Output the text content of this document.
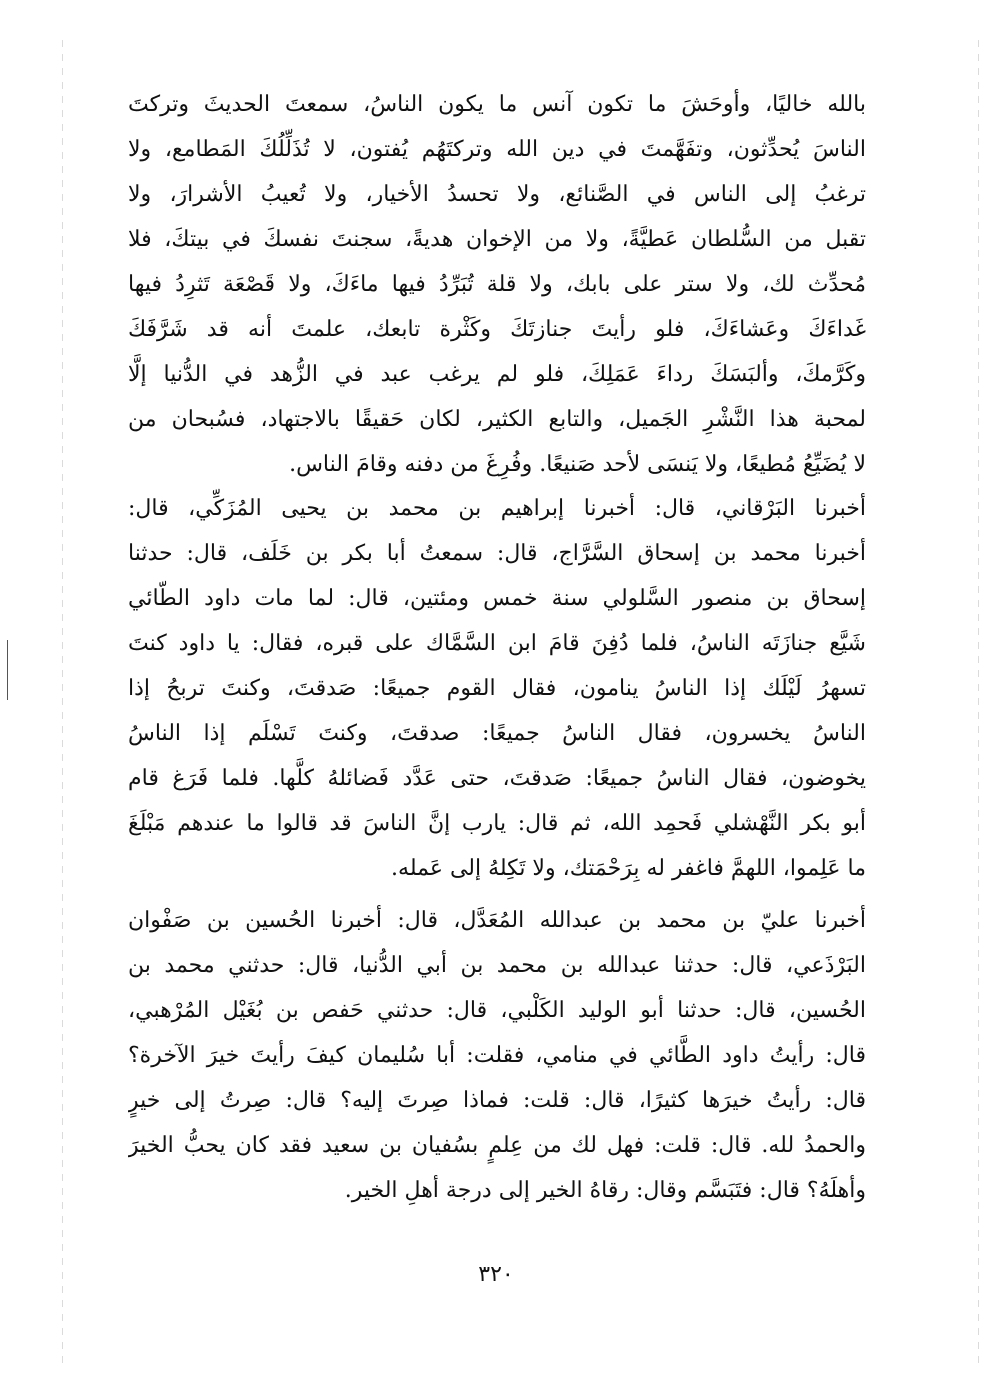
بالله خاليًا، وأوحَشَ ما تكون آنس ما يكون الناسُ، سمعتَ الحديثَ وتركتَ
الناسَ يُحدِّثون، وتفَهَّمتَ في دين الله وتركتَهُم يُفتون، لا تُذَلِّلُكَ المَطامع، ولا
ترغبُ إلى الناس في الصَّنائع، ولا تحسدُ الأخيار، ولا تُعيبُ الأشرارَ، ولا
تقبل من السُّلطان عَطيَّةً، ولا من الإخوان هديةً، سجنتَ نفسكَ في بيتكَ، فلا
مُحدِّث لك، ولا ستر على بابك، ولا قلة تُبَرِّدُ فيها ماءَكَ، ولا قَصْعَة تَثرِدُ فيها
غَداءَكَ وعَشاءَكَ، فلو رأيتَ جنازتَكَ وكَثْرة تابعك، علمتَ أنه قد شَرَّفَكَ
وكَرَّمكَ، وألبَسَكَ رداءَ عَمَلِكَ، فلو لم يرغب عبد في الزُّهد في الدُّنيا إلَّا
لمحبة هذا النَّشْرِ الجَميل، والتابع الكثير، لكان حَقيقًا بالاجتهاد، فسُبحان من
لا يُضَيِّعُ مُطيعًا، ولا يَنسَى لأحد صَنيعًا. وفُرِغَ من دفنه وقامَ الناس.
أخبرنا البَرْقاني، قال: أخبرنا إبراهيم بن محمد بن يحيى المُزَكِّي، قال:
أخبرنا محمد بن إسحاق السَّرَّاج، قال: سمعتُ أبا بكر بن خَلَف، قال: حدثنا
إسحاق بن منصور السَّلولي سنة خمس ومئتين، قال: لما مات داود الطّائي
شَيَّع جنازَتَه الناسُ، فلما دُفِنَ قامَ ابن السَّمَّاك على قبره، فقال: يا داود كنتَ
تسهرُ لَيْلَك إذا الناسُ ينامون، فقال القوم جميعًا: صَدقتَ، وكنتَ تربحُ إذا
الناسُ يخسرون، فقال الناسُ جميعًا: صدقتَ، وكنتَ تَسْلَم إذا الناسُ
يخوضون، فقال الناسُ جميعًا: صَدقتَ، حتى عَدَّد فَضائلهُ كلَّها. فلما فَرَغ قام
أبو بكر النَّهْشلي فَحمِد الله، ثم قال: يارب إنَّ الناسَ قد قالوا ما عندهم مَبْلَغَ
ما عَلِموا، اللهمَّ فاغفر له بِرَحْمَتك، ولا تَكِلهُ إلى عَمله.
أخبرنا عليّ بن محمد بن عبدالله المُعَدَّل، قال: أخبرنا الحُسين بن صَفْوان
البَرْذَعي، قال: حدثنا عبدالله بن محمد بن أبي الدُّنيا، قال: حدثني محمد بن
الحُسين، قال: حدثنا أبو الوليد الكَلْبي، قال: حدثني حَفص بن بُغَيْل المُرْهبي،
قال: رأيتُ داود الطَّائي في منامي، فقلت: أبا سُليمان كيفَ رأيتَ خيرَ الآخرة؟
قال: رأيتُ خيرَها كثيرًا، قال: قلت: فماذا صِرتَ إليه؟ قال: صِرتُ إلى خيرٍ
والحمدُ لله. قال: قلت: فهل لك من عِلمٍ بسُفيان بن سعيد فقد كان يحبُّ الخيرَ
وأهلَهُ؟ قال: فتَبَسَّم وقال: رقاهُ الخير إلى درجة أهلِ الخير.
٣٢٠
